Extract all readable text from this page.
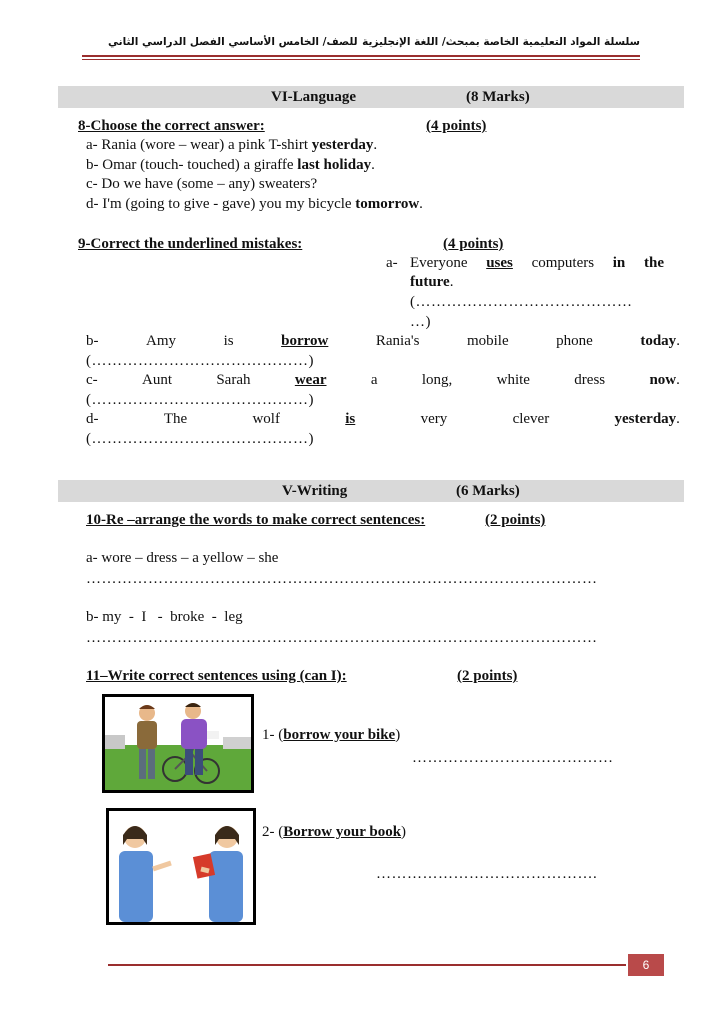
سلسلة المواد التعليمية الخاصة بمبحث/ اللغة الإنجليزية
للصف/ الخامس الأساسي الفصل الدراسي الثاني
VI-Language	(8 Marks)
8-Choose the correct answer:	(4 points)
a- Rania (wore – wear) a pink T-shirt yesterday.
b- Omar (touch- touched) a giraffe last holiday.
c- Do we have (some – any) sweaters?
d- I'm (going to give - gave) you my bicycle tomorrow.
9-Correct the underlined mistakes:	(4 points)
a- Everyone uses computers in the
future.
(……………………………………
…)
b-	Amy	is	borrow	Rania's	mobile	phone	today.
(……………………………………)
c-	Aunt	Sarah	wear	a	long,	white	dress	now.
(……………………………………)
d-	The	wolf	is	very	clever	yesterday.
(……………………………………)
V-Writing	(6 Marks)
10-Re –arrange the words to make correct sentences:	(2 points)
a- wore – dress – a yellow – she
………………………………………………………………………………………
b- my  -  I   -  broke  -  leg
………………………………………………………………………………………
11–Write correct sentences using (can I):	(2 points)
1- (borrow your bike)
…………………………………
2- (Borrow your book)
…………………………………….
6
